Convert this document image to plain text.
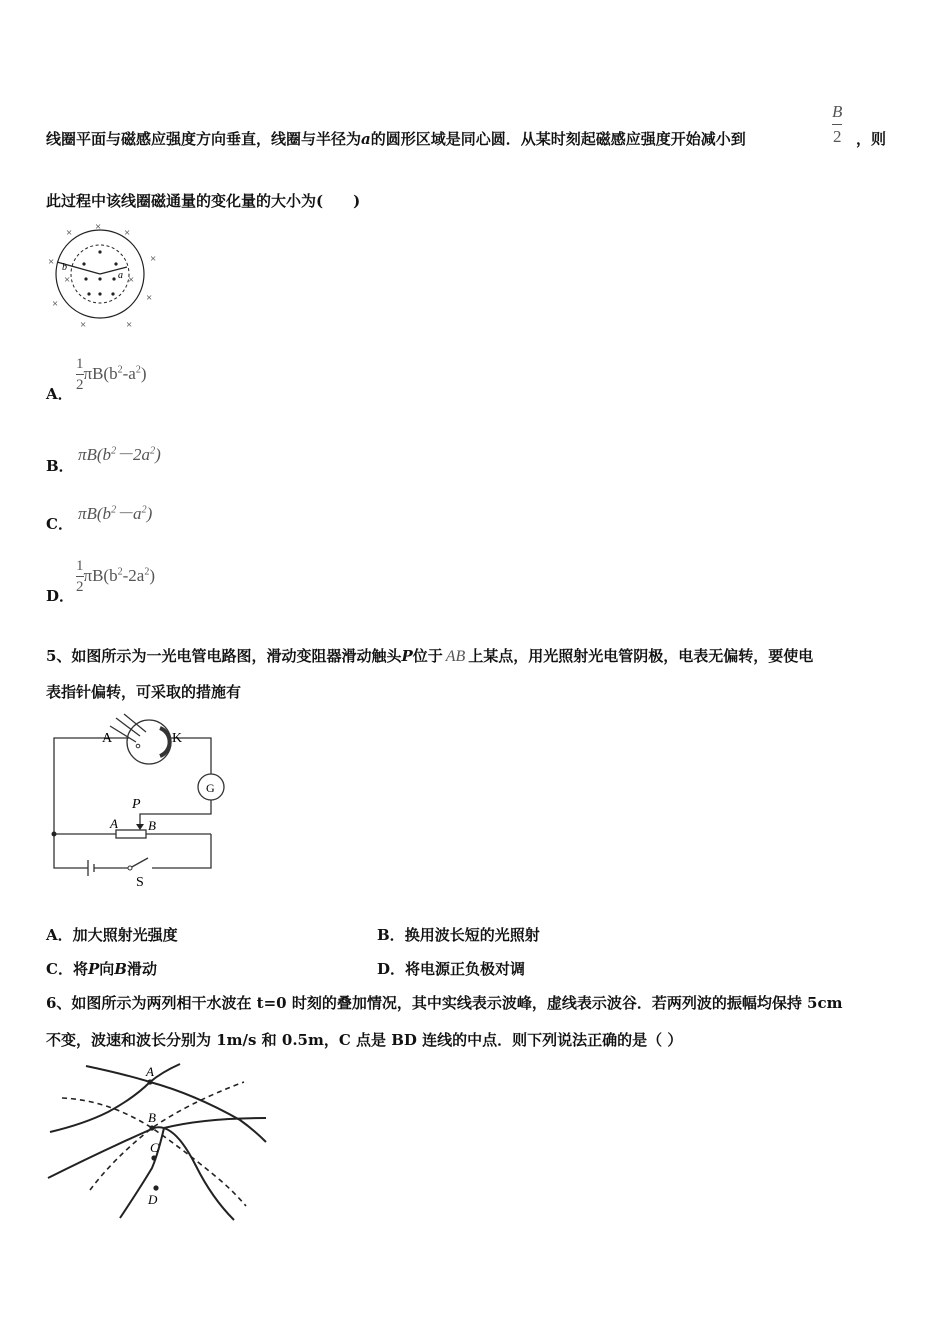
线圈平面与磁感应强度方向垂直，线圈与半径为a的圆形区域是同心圆．从某时刻起磁感应强度开始减小到	$\frac{B}{2}$ ，则
此过程中该线圈磁通量的变化量的大小为(　　)
b
a
×
×	×
×	×
×	×
×	×
×	×
A．
$\frac{1}{2} \pi B(b^2-a^2)$
B．
$\pi B(b^2-2a^2)$
C．
$\pi B(b^2-a^2)$
D．
$\frac{1}{2} \pi B(b^2-2a^2)$
5、如图所示为一光电管电路图，滑动变阻器滑动触头P位于 AB 上某点，用光照射光电管阴极，电表无偏转，要使电
表指针偏转，可采取的措施有
A	K
G
P
A B
S
A．加大照射光强度	B．换用波长短的光照射
C．将P向B滑动	D．将电源正负极对调
6、如图所示为两列相干水波在 t=0 时刻的叠加情况，其中实线表示波峰，虚线表示波谷．若两列波的振幅均保持 5cm
不变，波速和波长分别为 1m/s 和 0.5m，C 点是 BD 连线的中点．则下列说法正确的是（ ）
A
B
C
D
